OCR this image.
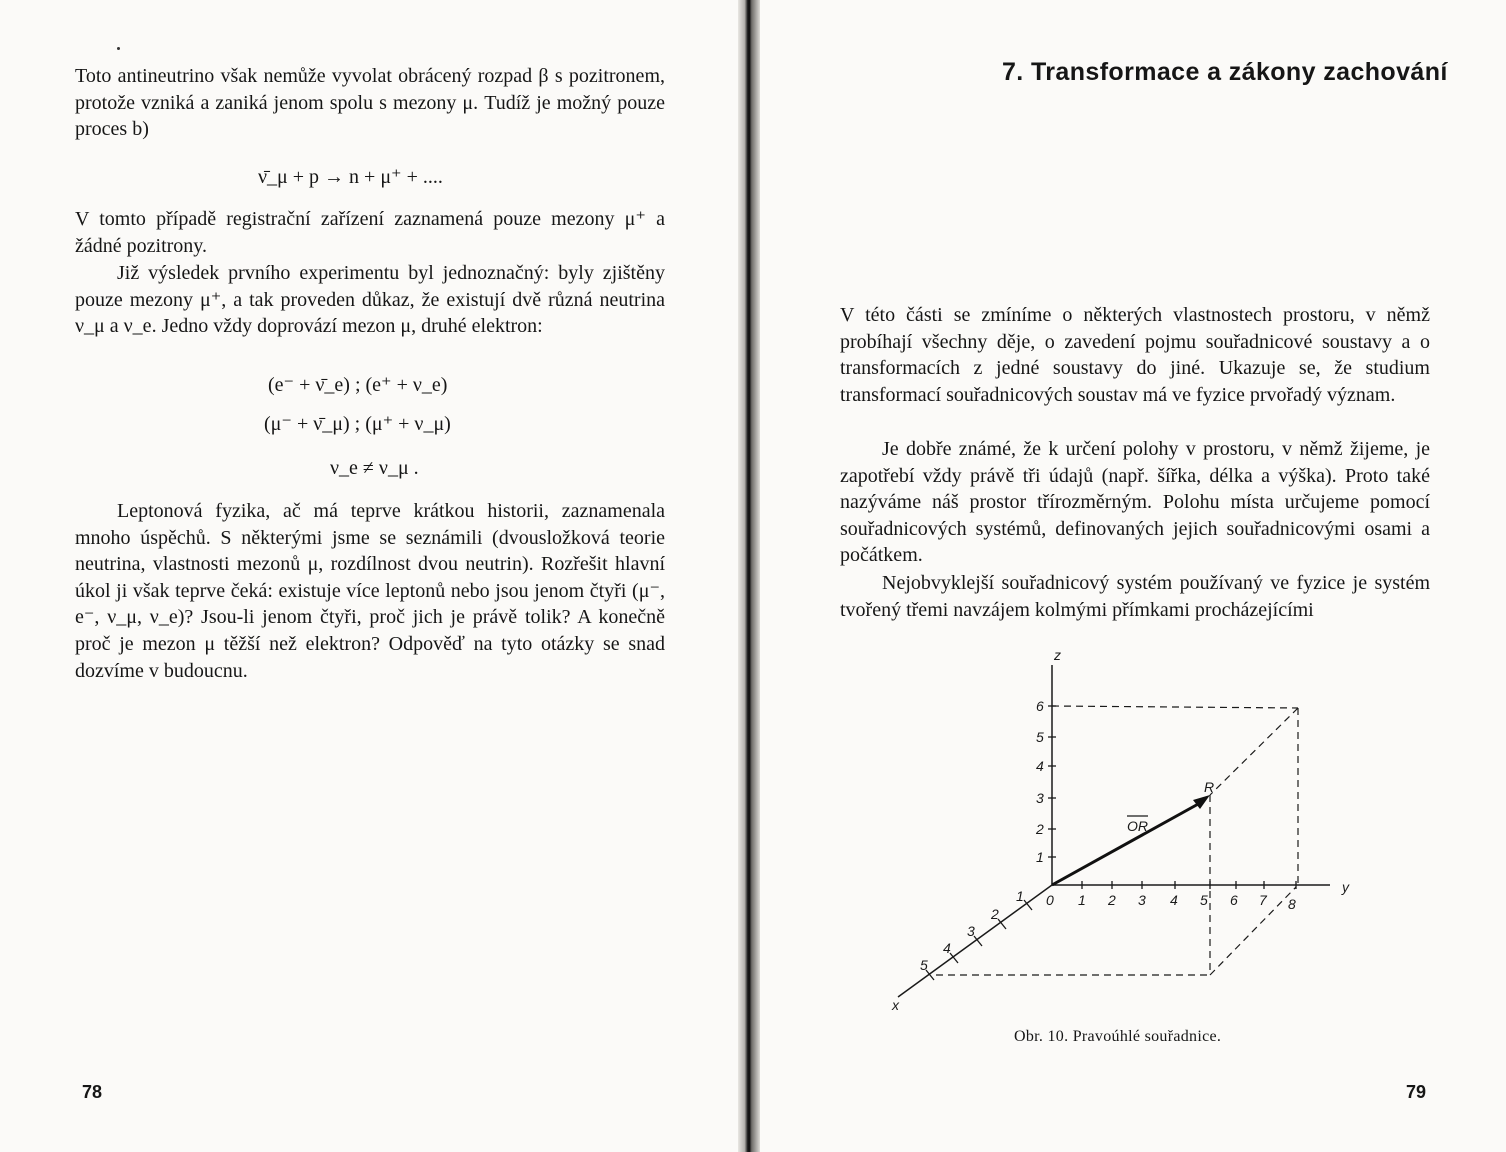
Toto antineutrino však nemůže vyvolat obrácený rozpad β s pozitronem, protože vzniká a zaniká jenom spolu s mezony μ. Tudíž je možný pouze proces b)

ν̄_μ + p → n + μ⁺ + ....

V tomto případě registrační zařízení zaznamená pouze mezony μ⁺ a žádné pozitrony.

Již výsledek prvního experimentu byl jednoznačný: byly zjištěny pouze mezony μ⁺, a tak proveden důkaz, že existují dvě různá neutrina ν_μ a ν_e. Jedno vždy doprovází mezon μ, druhé elektron:

(e⁻ + ν̄_e) ; (e⁺ + ν_e)

(μ⁻ + ν̄_μ) ; (μ⁺ + ν_μ)

ν_e ≠ ν_μ .

Leptonová fyzika, ač má teprve krátkou historii, zaznamenala mnoho úspěchů. S některými jsme se seznámili (dvousložková teorie neutrina, vlastnosti mezonů μ, rozdílnost dvou neutrin). Rozřešit hlavní úkol ji však teprve čeká: existuje více leptonů nebo jsou jenom čtyři (μ⁻, e⁻, ν_μ, ν_e)? Jsou-li jenom čtyři, proč jich je právě tolik? A konečně proč je mezon μ těžší než elektron? Odpověď na tyto otázky se snad dozvíme v budoucnu.

78

7. Transformace a zákony zachování

V této části se zmíníme o některých vlastnostech prostoru, v němž probíhají všechny děje, o zavedení pojmu souřadnicové soustavy a o transformacích z jedné soustavy do jiné. Ukazuje se, že studium transformací souřadnicových soustav má ve fyzice prvořadý význam.

Je dobře známé, že k určení polohy v prostoru, v němž žijeme, je zapotřebí vždy právě tři údajů (např. šířka, délka a výška). Proto také nazýváme náš prostor třírozměrným. Polohu místa určujeme pomocí souřadnicových systémů, definovaných jejich souřadnicovými osami a počátkem.

Nejobvyklejší souřadnicový systém používaný ve fyzice je systém tvořený třemi navzájem kolmými přímkami procházejícími

z
y
x
0
1
2
3
4
5
6
1 2 3 4 5 6 7 8
1
2
3
4
5
OR
R

Obr. 10. Pravoúhlé souřadnice.

79
